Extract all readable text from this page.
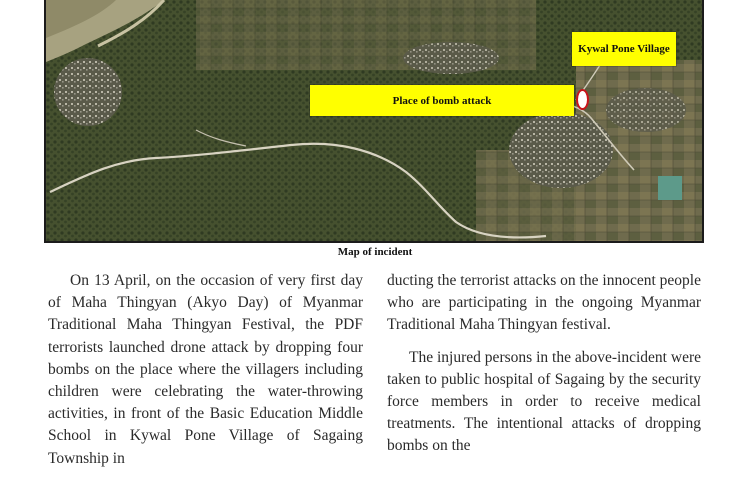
Kywal Pone Village
Place of bomb attack
Map of incident

On 13 April, on the occasion of very first day of Maha Thingyan (Akyo Day) of Myanmar Traditional Maha Thingyan Festival, the PDF terrorists launched drone attack by dropping four bombs on the place where the villagers including children were celebrating the water-throwing activities, in front of the Basic Education Middle School in Kywal Pone Village of Sagaing Township in

ducting the terrorist attacks on the innocent people who are participating in the ongoing Myanmar Traditional Maha Thingyan festival.

The injured persons in the above-incident were taken to public hospital of Sagaing by the security force members in order to receive medical treatments. The intentional attacks of dropping bombs on the
